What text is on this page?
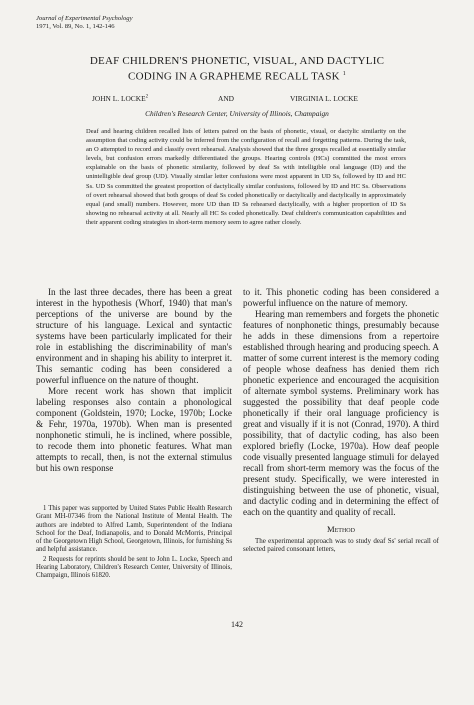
Journal of Experimental Psychology
1971, Vol. 89, No. 1, 142-146
DEAF CHILDREN'S PHONETIC, VISUAL, AND DACTYLIC
CODING IN A GRAPHEME RECALL TASK $^1$
JOHN L. LOCKE$^2$	AND	VIRGINIA L. LOCKE
Children's Research Center, University of Illinois, Champaign
Deaf and hearing children recalled lists of letters paired on the basis of phonetic, visual, or dactylic similarity on the assumption that coding activity could be inferred from the configuration of recall and forgetting patterns. During the task, an O attempted to record and classify overt rehearsal. Analysis showed that the three groups recalled at essentially similar levels, but confusion errors markedly differentiated the groups. Hearing controls (HCs) committed the most errors explainable on the basis of phonetic similarity, followed by deaf Ss with intelligible oral language (ID) and the unintelligible deaf group (UD). Visually similar letter confusions were most apparent in UD Ss, followed by ID and HC Ss. UD Ss committed the greatest proportion of dactylically similar confusions, followed by ID and HC Ss. Observations of overt rehearsal showed that both groups of deaf Ss coded phonetically or dactylically and dactylically in approximately equal (and small) numbers. However, more UD than ID Ss rehearsed dactylically, with a higher proportion of ID Ss showing no rehearsal activity at all. Nearly all HC Ss coded phonetically. Deaf children's communication capabilities and their apparent coding strategies in short-term memory seem to agree rather closely.

In the last three decades, there has been a great interest in the hypothesis (Whorf, 1940) that man's perceptions of the universe are bound by the structure of his language. Lexical and syntactic systems have been particularly implicated for their role in establishing the discriminability of man's environment and in shaping his ability to interpret it. This semantic coding has been considered a powerful influence on the nature of thought.

More recent work has shown that implicit labeling responses also contain a phonological component (Goldstein, 1970; Locke, 1970b; Locke & Fehr, 1970a, 1970b). When man is presented nonphonetic stimuli, he is inclined, where possible, to recode them into phonetic features. What man attempts to recall, then, is not the external stimulus but his own response

1 This paper was supported by United States Public Health Research Grant MH-07346 from the National Institute of Mental Health. The authors are indebted to Alfred Lamb, Superintendent of the Indiana School for the Deaf, Indianapolis, and to Donald McMorris, Principal of the Georgetown High School, Georgetown, Illinois, for furnishing Ss and helpful assistance.

2 Requests for reprints should be sent to John L. Locke, Speech and Hearing Laboratory, Children's Research Center, University of Illinois, Champaign, Illinois 61820.

to it. This phonetic coding has been considered a powerful influence on the nature of memory.

Hearing man remembers and forgets the phonetic features of nonphonetic things, presumably because he adds in these dimensions from a repertoire established through hearing and producing speech. A matter of some current interest is the memory coding of people whose deafness has denied them rich phonetic experience and encouraged the acquisition of alternate symbol systems. Preliminary work has suggested the possibility that deaf people code phonetically if their oral language proficiency is great and visually if it is not (Conrad, 1970). A third possibility, that of dactylic coding, has also been explored briefly (Locke, 1970a). How deaf people code visually presented language stimuli for delayed recall from short-term memory was the focus of the present study. Specifically, we were interested in distinguishing between the use of phonetic, visual, and dactylic coding and in determining the effect of each on the quantity and quality of recall.

Method

The experimental approach was to study deaf Ss' serial recall of selected paired consonant letters,

142
